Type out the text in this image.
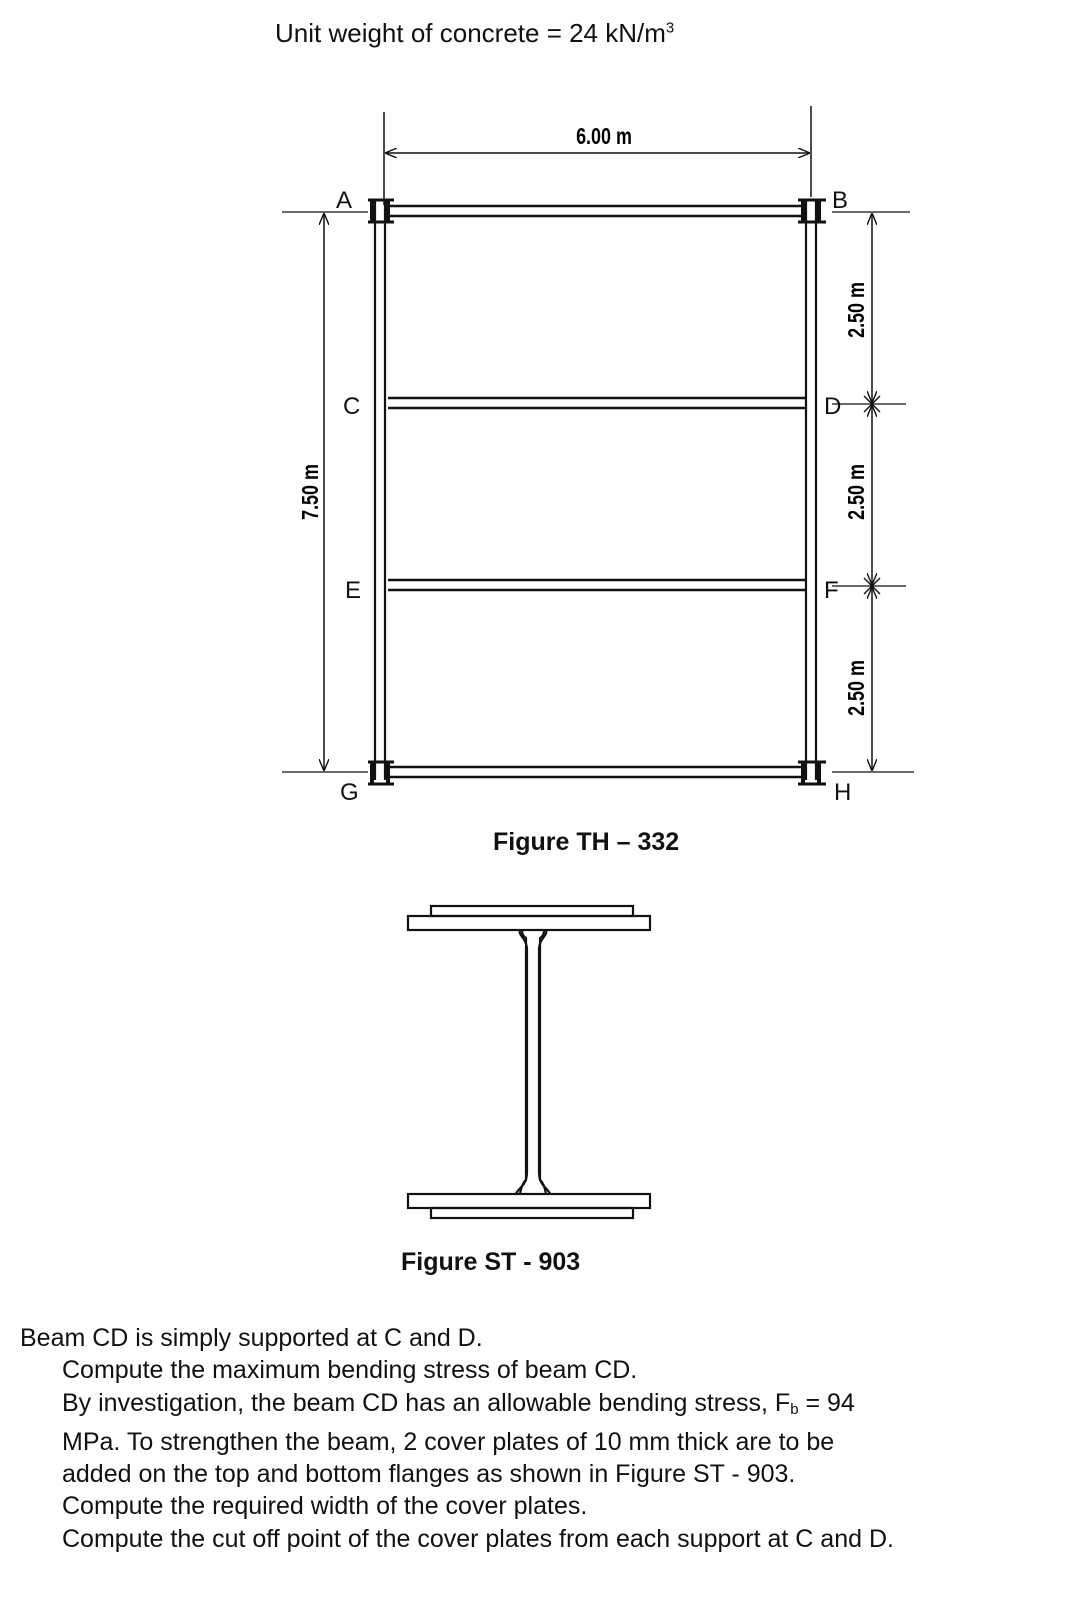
Unit weight of concrete = 24 $kN/m^3$
6.00 m
7.50 m
2.50 m
2.50 m
2.50 m
A	B
C	D
E	F
G	H
Figure TH – 332
Figure ST - 903

Beam CD is simply supported at C and D.

Compute the maximum bending stress of beam CD.

By investigation, the beam CD has an allowable bending stress, Fb = 94

MPa. To strengthen the beam, 2 cover plates of 10 mm thick are to be

added on the top and bottom flanges as shown in Figure ST - 903.

Compute the required width of the cover plates.

Compute the cut off point of the cover plates from each support at C and D.
